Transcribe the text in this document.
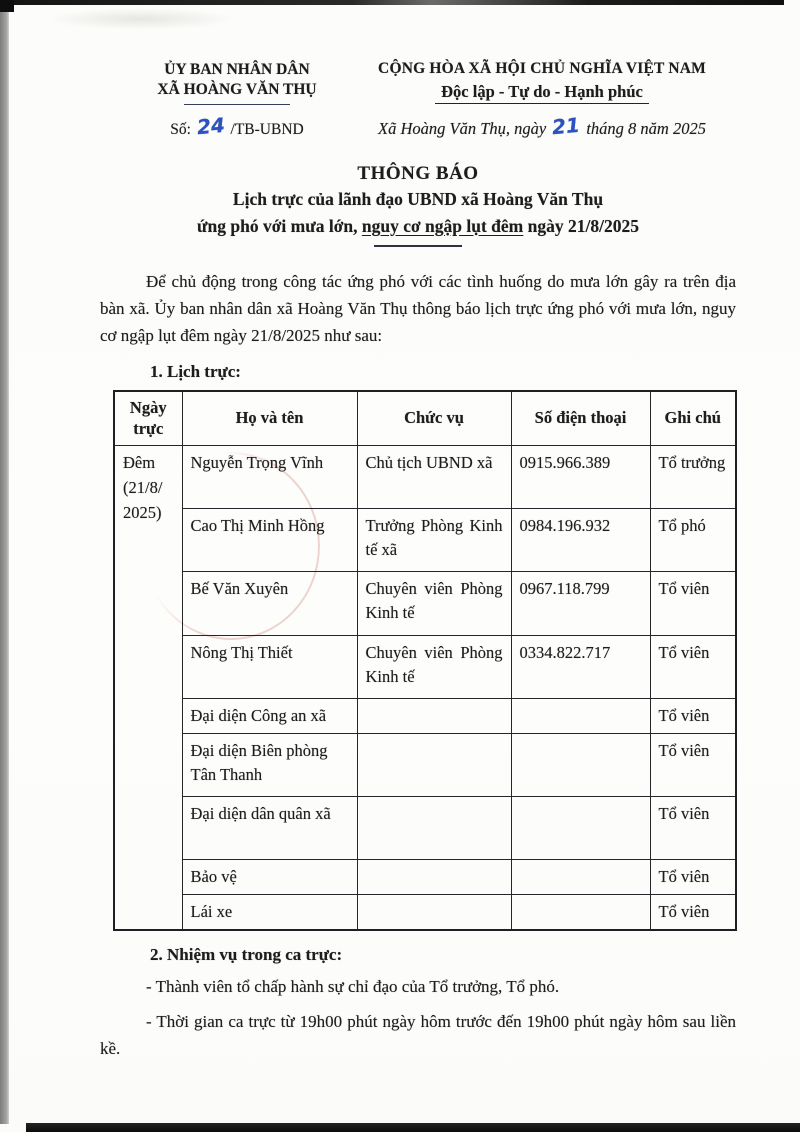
ỦY BAN NHÂN DÂN
XÃ HOÀNG VĂN THỤ
Số: 24 /TB-UBND
CỘNG HÒA XÃ HỘI CHỦ NGHĨA VIỆT NAM
Độc lập - Tự do - Hạnh phúc
Xã Hoàng Văn Thụ, ngày 21 tháng 8 năm 2025
THÔNG BÁO
Lịch trực của lãnh đạo UBND xã Hoàng Văn Thụ
ứng phó với mưa lớn, nguy cơ ngập lụt đêm ngày 21/8/2025

Để chủ động trong công tác ứng phó với các tình huống do mưa lớn gây ra trên địa bàn xã. Ủy ban nhân dân xã Hoàng Văn Thụ thông báo lịch trực ứng phó với mưa lớn, nguy cơ ngập lụt đêm ngày 21/8/2025 như sau:

1. Lịch trực:
Ngày trực	Họ và tên	Chức vụ	Số điện thoại	Ghi chú

Đêm
(21/8/
2025)	Nguyễn Trọng Vĩnh	Chủ tịch UBND xã	0915.966.389	Tổ trưởng
	Cao Thị Minh Hồng	Trưởng Phòng Kinh tế xã	0984.196.932	Tổ phó
	Bế Văn Xuyên	Chuyên viên Phòng Kinh tế	0967.118.799	Tổ viên
	Nông Thị Thiết	Chuyên viên Phòng Kinh tế	0334.822.717	Tổ viên
	Đại diện Công an xã			Tổ viên
	Đại diện Biên phòng Tân Thanh			Tổ viên
	Đại diện dân quân xã			Tổ viên
	Bảo vệ			Tổ viên
	Lái xe			Tổ viên
2. Nhiệm vụ trong ca trực:

- Thành viên tổ chấp hành sự chỉ đạo của Tổ trưởng, Tổ phó.

- Thời gian ca trực từ 19h00 phút ngày hôm trước đến 19h00 phút ngày hôm sau liền kề.
